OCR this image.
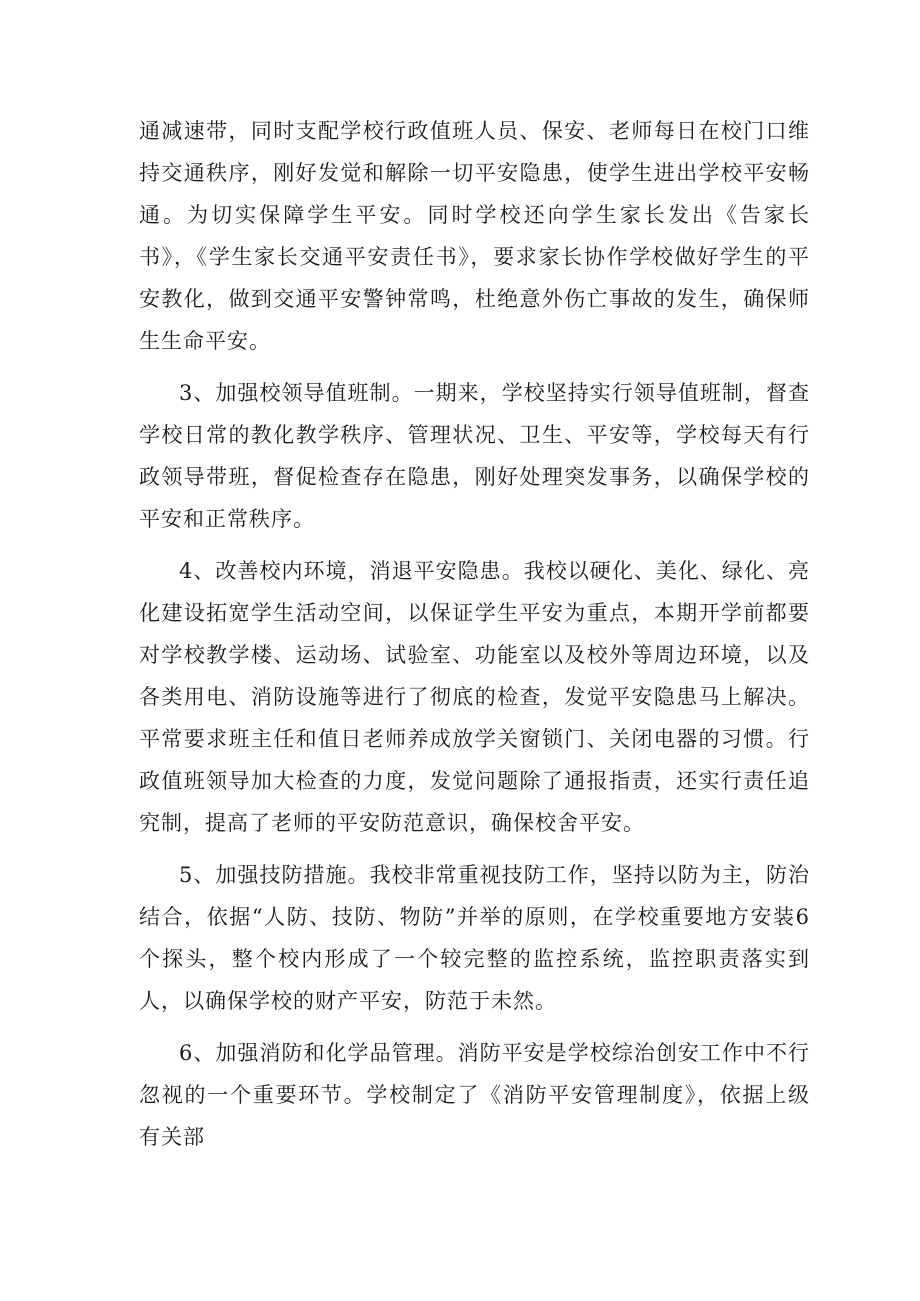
通减速带，同时支配学校行政值班人员、保安、老师每日在校门口维持交通秩序，刚好发觉和解除一切平安隐患，使学生进出学校平安畅通。为切实保障学生平安。同时学校还向学生家长发出《告家长书》，《学生家长交通平安责任书》，要求家长协作学校做好学生的平安教化，做到交通平安警钟常鸣，杜绝意外伤亡事故的发生，确保师生生命平安。

3、加强校领导值班制。一期来，学校坚持实行领导值班制，督查学校日常的教化教学秩序、管理状况、卫生、平安等，学校每天有行政领导带班，督促检查存在隐患，刚好处理突发事务，以确保学校的平安和正常秩序。

4、改善校内环境，消退平安隐患。我校以硬化、美化、绿化、亮化建设拓宽学生活动空间，以保证学生平安为重点，本期开学前都要对学校教学楼、运动场、试验室、功能室以及校外等周边环境，以及各类用电、消防设施等进行了彻底的检查，发觉平安隐患马上解决。平常要求班主任和值日老师养成放学关窗锁门、关闭电器的习惯。行政值班领导加大检查的力度，发觉问题除了通报指责，还实行责任追究制，提高了老师的平安防范意识，确保校舍平安。

5、加强技防措施。我校非常重视技防工作，坚持以防为主，防治结合，依据“人防、技防、物防”并举的原则，在学校重要地方安装6个探头，整个校内形成了一个较完整的监控系统，监控职责落实到人，以确保学校的财产平安，防范于未然。

6、加强消防和化学品管理。消防平安是学校综治创安工作中不行忽视的一个重要环节。学校制定了《消防平安管理制度》，依据上级有关部
